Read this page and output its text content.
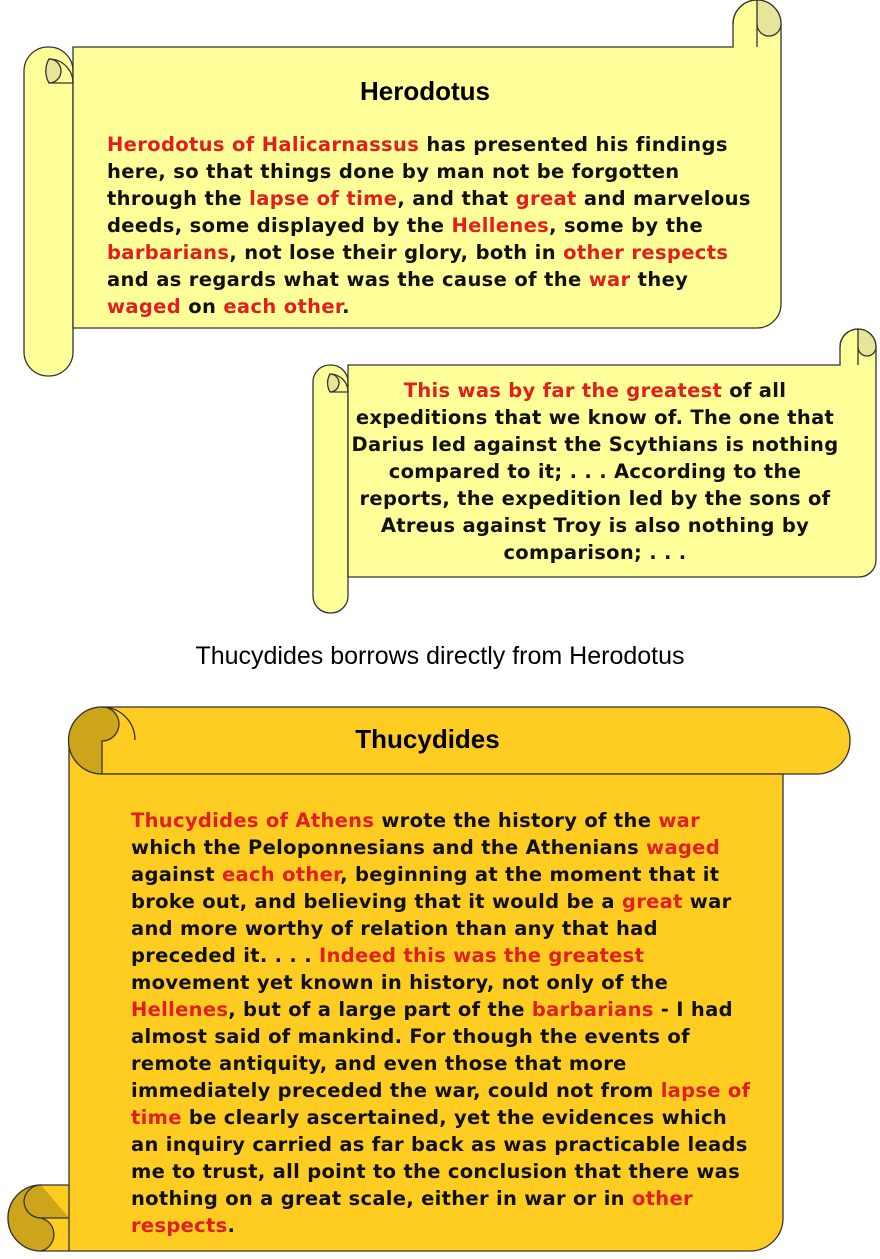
Herodotus
Herodotus of Halicarnassus has presented his findings here, so that things done by man not be forgotten through the lapse of time, and that great and marvelous deeds, some displayed by the Hellenes, some by the barbarians, not lose their glory, both in other respects and as regards what was the cause of the war they waged on each other.
This was by far the greatest of all expeditions that we know of. The one that Darius led against the Scythians is nothing compared to it; . . . According to the reports, the expedition led by the sons of Atreus against Troy is also nothing by comparison; . . .
Thucydides borrows directly from Herodotus
Thucydides
Thucydides of Athens wrote the history of the war which the Peloponnesians and the Athenians waged against each other, beginning at the moment that it broke out, and believing that it would be a great war and more worthy of relation than any that had preceded it. . . . Indeed this was the greatest movement yet known in history, not only of the Hellenes, but of a large part of the barbarians - I had almost said of mankind. For though the events of remote antiquity, and even those that more immediately preceded the war, could not from lapse of time be clearly ascertained, yet the evidences which an inquiry carried as far back as was practicable leads me to trust, all point to the conclusion that there was nothing on a great scale, either in war or in other respects.
